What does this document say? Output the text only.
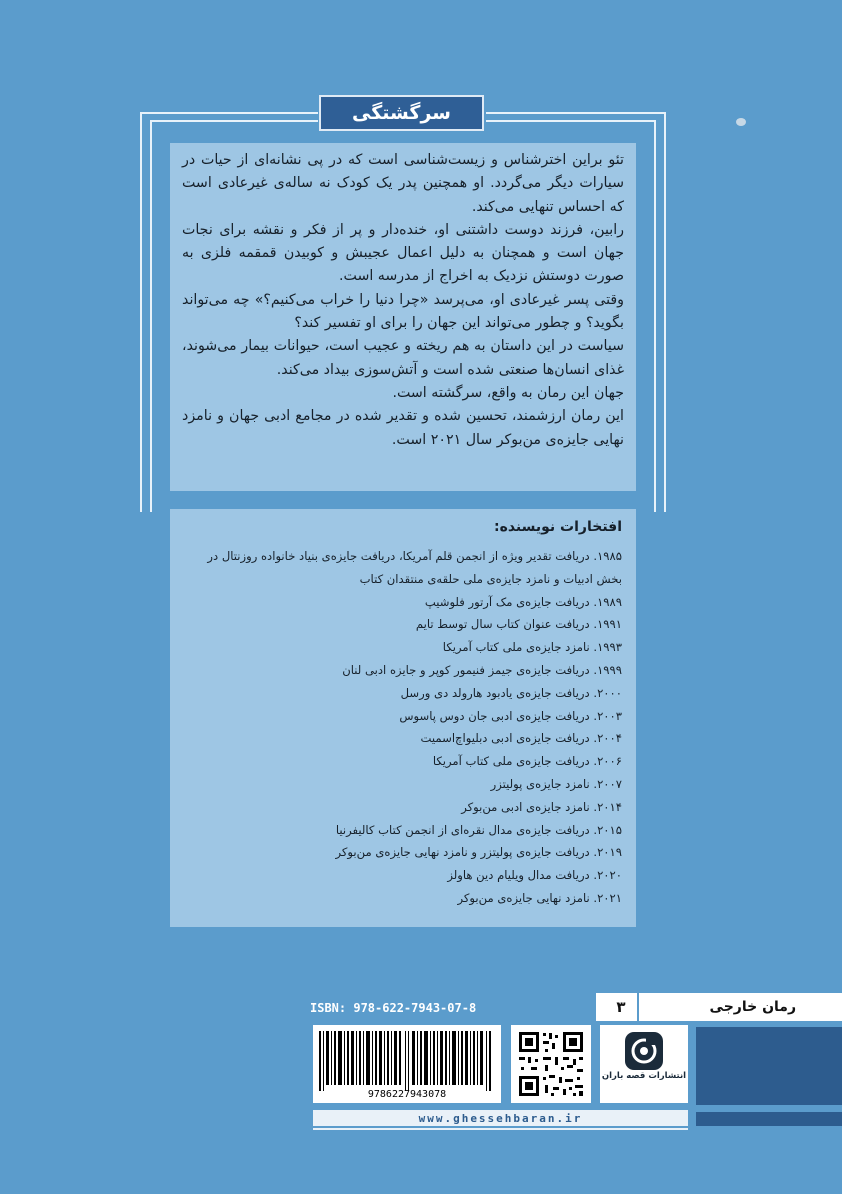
سرگشتگی

تئو براین اخترشناس و زیست‌شناسی است که در پی نشانه‌ای از حیات در سیارات دیگر می‌گردد. او همچنین پدر یک کودک نه ساله‌ی غیرعادی است که احساس تنهایی می‌کند.

رابین، فرزند دوست داشتنی او، خنده‌دار و پر از فکر و نقشه برای نجات جهان است و همچنان به دلیل اعمال عجیبش و کوبیدن قمقمه فلزی به صورت دوستش نزدیک به اخراج از مدرسه است.

وقتی پسر غیرعادی او، می‌پرسد «چرا دنیا را خراب می‌کنیم؟» چه می‌تواند بگوید؟ و چطور می‌تواند این جهان را برای او تفسیر کند؟

سیاست در این داستان به هم ریخته و عجیب است، حیوانات بیمار می‌شوند، غذای انسان‌ها صنعتی شده است و آتش‌سوزی بیداد می‌کند.

جهان این رمان به واقع، سرگشته است.

این رمان ارزشمند، تحسین شده و تقدیر شده در مجامع ادبی جهان و نامزد نهایی جایزه‌ی من‌بوکر سال ۲۰۲۱ است.

افتخارات نویسنده:
۱۹۸۵. دریافت تقدیر ویژه از انجمن قلم آمریکا، دریافت جایزه‌ی بنیاد خانواده روزنتال در بخش ادبیات و نامزد جایزه‌ی ملی حلقه‌ی منتقدان کتاب
۱۹۸۹. دریافت جایزه‌ی مک آرتور فلوشیپ
۱۹۹۱. دریافت عنوان کتاب سال توسط تایم
۱۹۹۳. نامزد جایزه‌ی ملی کتاب آمریکا
۱۹۹۹. دریافت جایزه‌ی جیمز فنیمور کوپر و جایزه ادبی لنان
۲۰۰۰. دریافت جایزه‌ی یادبود هارولد دی ورسل
۲۰۰۳. دریافت جایزه‌ی ادبی جان دوس پاسوس
۲۰۰۴. دریافت جایزه‌ی ادبی دبلیواچ‌اسمیت
۲۰۰۶. دریافت جایزه‌ی ملی کتاب آمریکا
۲۰۰۷. نامزد جایزه‌ی پولیتزر
۲۰۱۴. نامزد جایزه‌ی ادبی من‌بوکر
۲۰۱۵. دریافت جایزه‌ی مدال نقره‌ای از انجمن کتاب کالیفرنیا
۲۰۱۹. دریافت جایزه‌ی پولیتزر و نامزد نهایی جایزه‌ی من‌بوکر
۲۰۲۰. دریافت مدال ویلیام دین هاولز
۲۰۲۱. نامزد نهایی جایزه‌ی من‌بوکر
رمان خارجی
۳
ISBN: 978-622-7943-07-8
9786227943078
انتشارات قصه باران
www.ghessehbaran.ir
